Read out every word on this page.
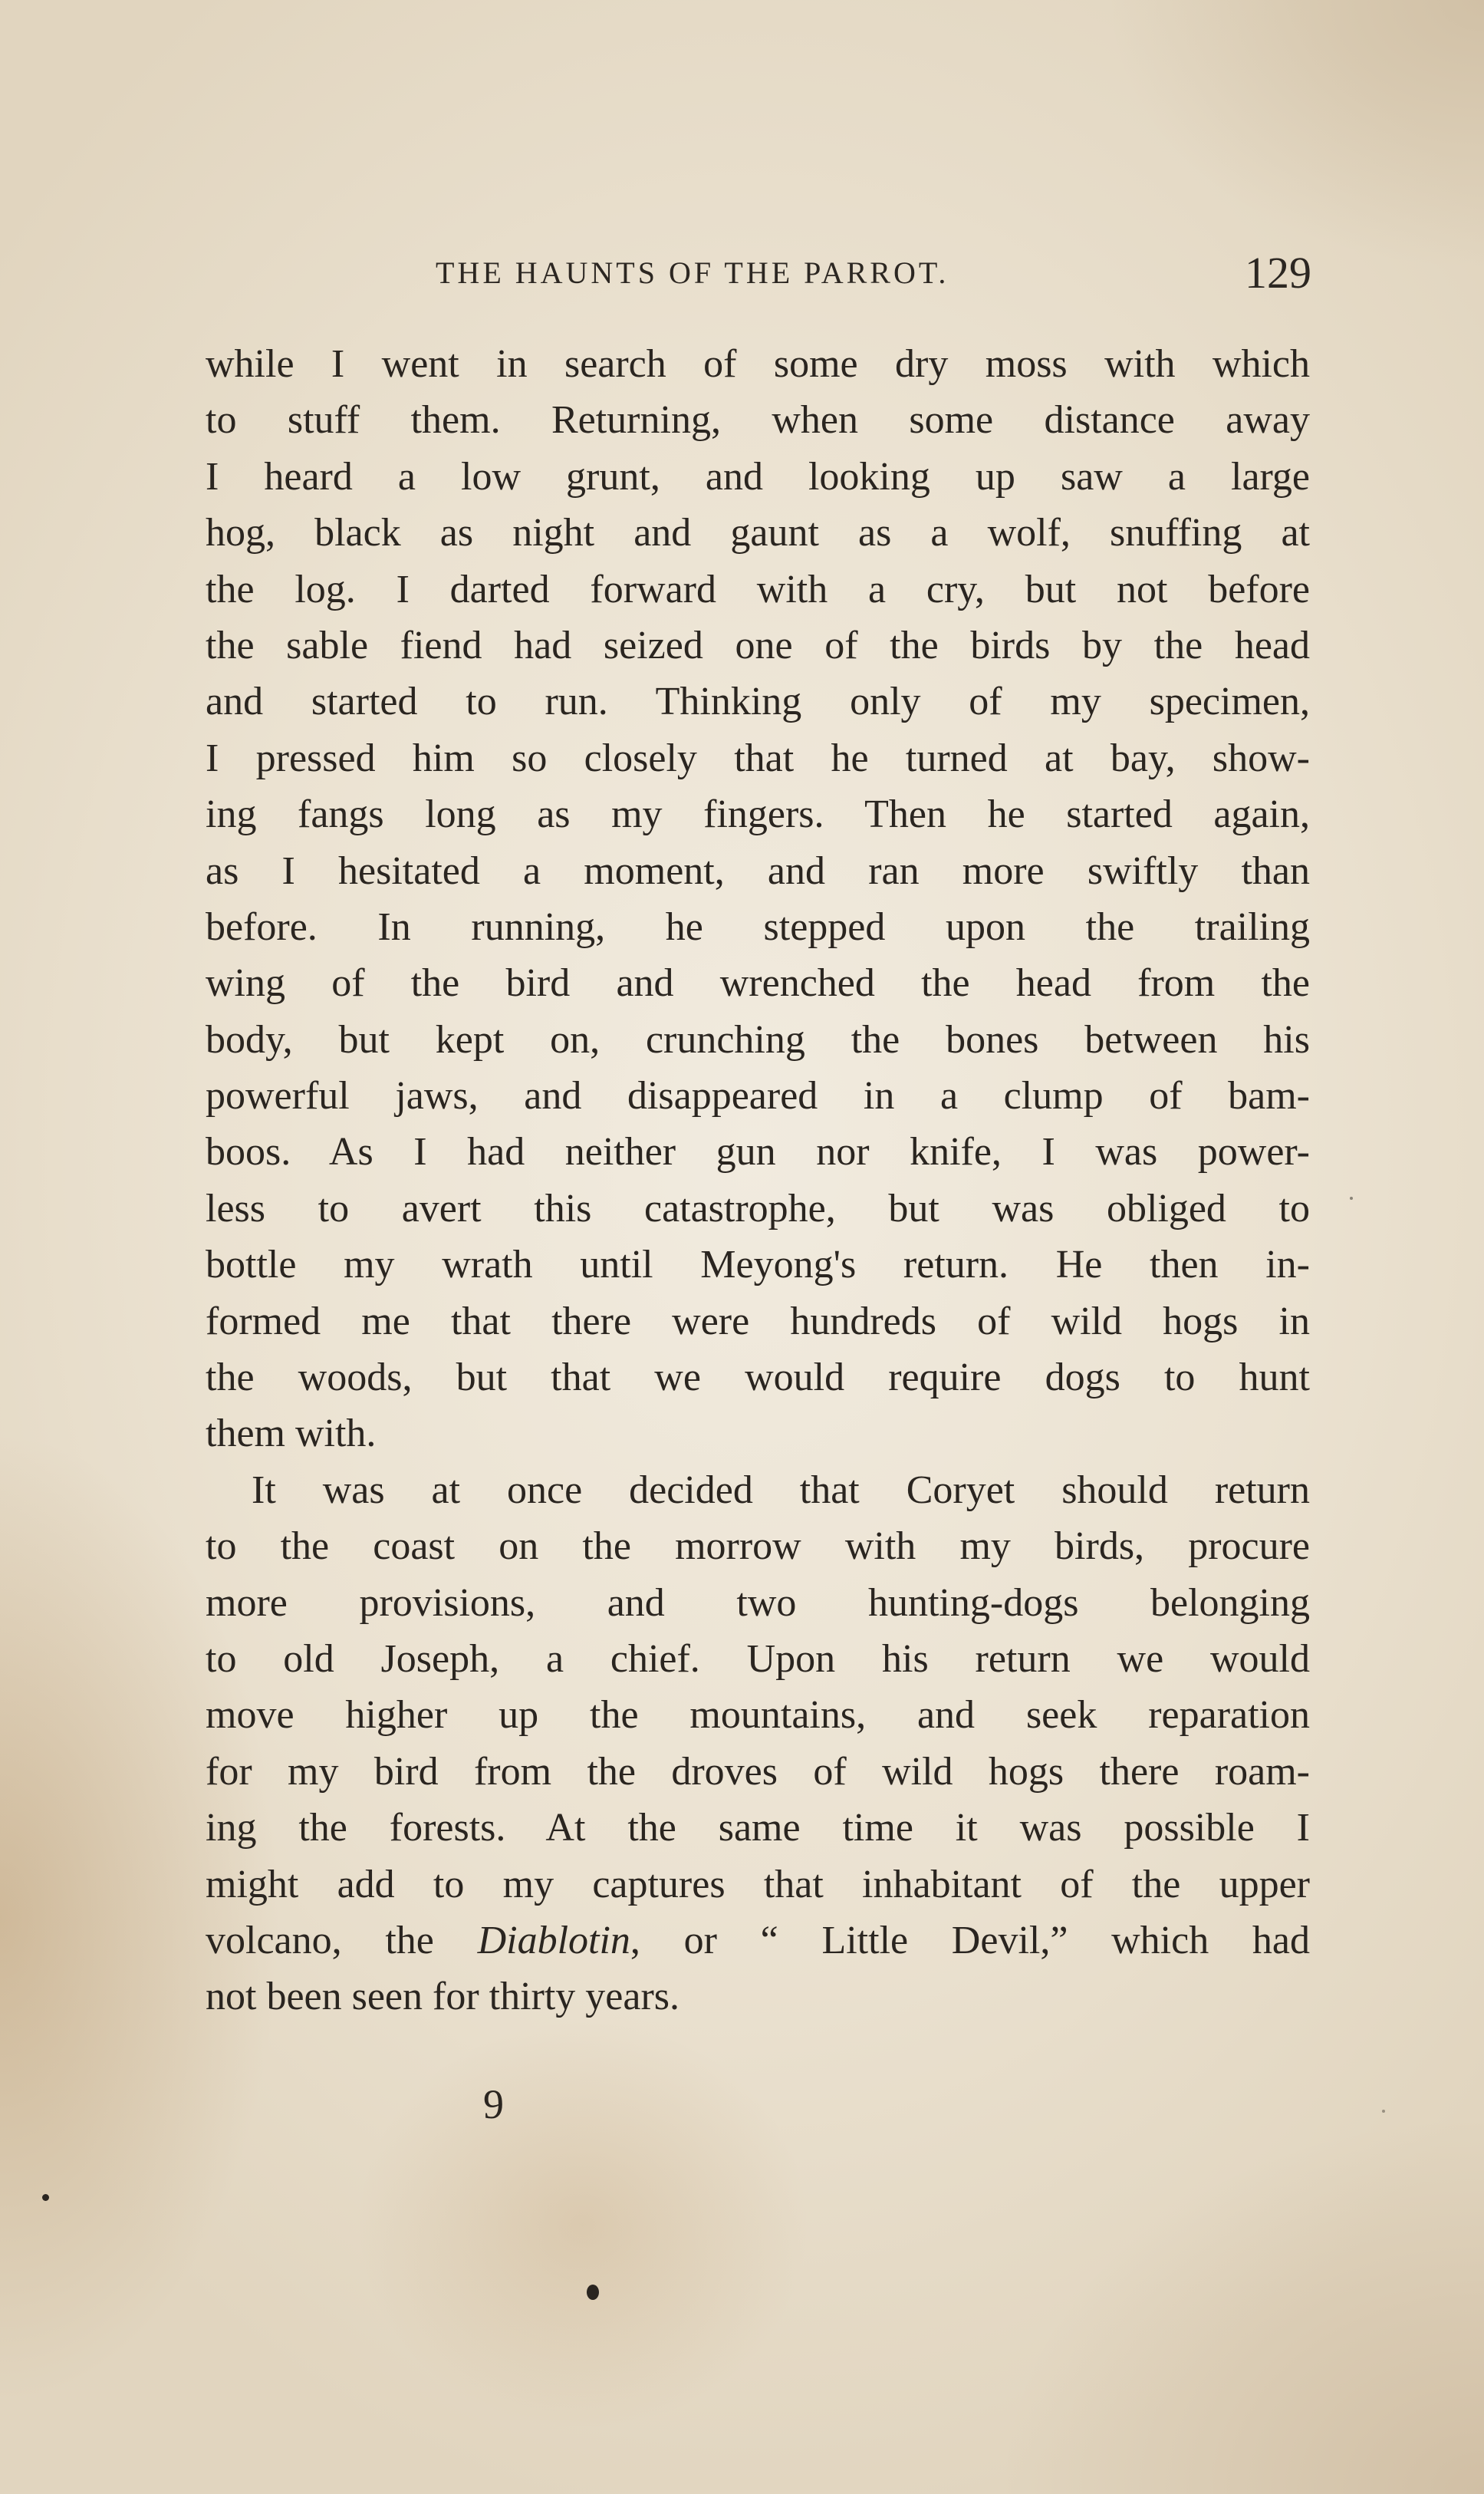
THE HAUNTS OF THE PARROT.	129

while I went in search of some dry moss with which
to stuff them. Returning, when some distance away
I heard a low grunt, and looking up saw a large
hog, black as night and gaunt as a wolf, snuffing at
the log. I darted forward with a cry, but not before
the sable fiend had seized one of the birds by the head
and started to run. Thinking only of my specimen,
I pressed him so closely that he turned at bay, show-
ing fangs long as my fingers. Then he started again,
as I hesitated a moment, and ran more swiftly than
before. In running, he stepped upon the trailing
wing of the bird and wrenched the head from the
body, but kept on, crunching the bones between his
powerful jaws, and disappeared in a clump of bam-
boos. As I had neither gun nor knife, I was power-
less to avert this catastrophe, but was obliged to
bottle my wrath until Meyong's return. He then in-
formed me that there were hundreds of wild hogs in
the woods, but that we would require dogs to hunt
them with.

It was at once decided that Coryet should return
to the coast on the morrow with my birds, procure
more provisions, and two hunting-dogs belonging
to old Joseph, a chief. Upon his return we would
move higher up the mountains, and seek reparation
for my bird from the droves of wild hogs there roam-
ing the forests. At the same time it was possible I
might add to my captures that inhabitant of the upper
volcano, the Diablotin, or “ Little Devil,” which had
not been seen for thirty years.

9
